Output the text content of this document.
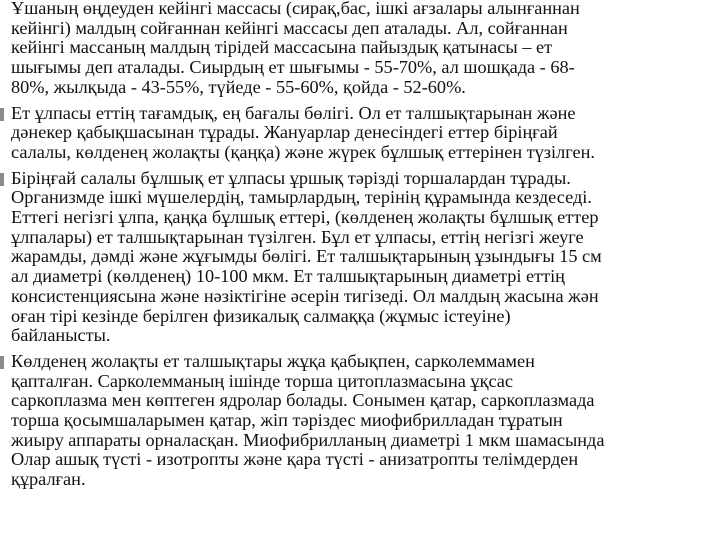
Ұшаның өңдеуден кейінгі массасы (сирақ,бас, ішкі ағзалары алынғаннан
кейінгі) малдың сойғаннан кейінгі массасы деп аталады. Ал, сойғаннан
кейінгі массаның малдың тірідей массасына пайыздық қатынасы – ет
шығымы деп аталады. Сиырдың ет шығымы - 55-70%, ал шошқада - 68-
80%, жылқыда - 43-55%, түйеде - 55-60%, қойда - 52-60%.
Ет ұлпасы еттің тағамдық, ең бағалы бөлігі. Ол ет талшықтарынан және
дәнекер қабықшасынан тұрады. Жануарлар денесіндегі еттер біріңғай
салалы, көлденең жолақты (қаңқа) және жүрек бұлшық еттерінен түзілген.
Біріңғай салалы бұлшық ет ұлпасы ұршық тәрізді торшалардан тұрады.
Организмде ішкі мүшелердің, тамырлардың, терінің құрамында кездеседі.
Еттегі негізгі ұлпа, қаңқа бұлшық еттері, (көлденең жолақты бұлшық еттер
ұлпалары) ет талшықтарынан түзілген. Бұл ет ұлпасы, еттің негізгі жеуге
жарамды, дәмді және жұғымды бөлігі. Ет талшықтарының ұзындығы 15 см
ал диаметрі (көлденең) 10-100 мкм. Ет талшықтарының диаметрі еттің
консистенциясына және нәзіктігіне әсерін тигізеді. Ол малдың жасына жән
оған тірі кезінде берілген физикалық салмаққа (жұмыс істеуіне)
байланысты.
Көлденең жолақты ет талшықтары жұқа қабықпен, сарколеммамен
қапталған. Сарколемманың ішінде торша цитоплазмасына ұқсас
саркоплазма мен көптеген ядролар болады. Сонымен қатар, саркоплазмада
торша қосымшаларымен қатар, жіп тәріздес миофибрилладан тұратын
жиыру аппараты орналасқан. Миофибрилланың диаметрі 1 мкм шамасында
Олар ашық түсті - изотропты және қара түсті - анизатропты телімдерден
құралған.
